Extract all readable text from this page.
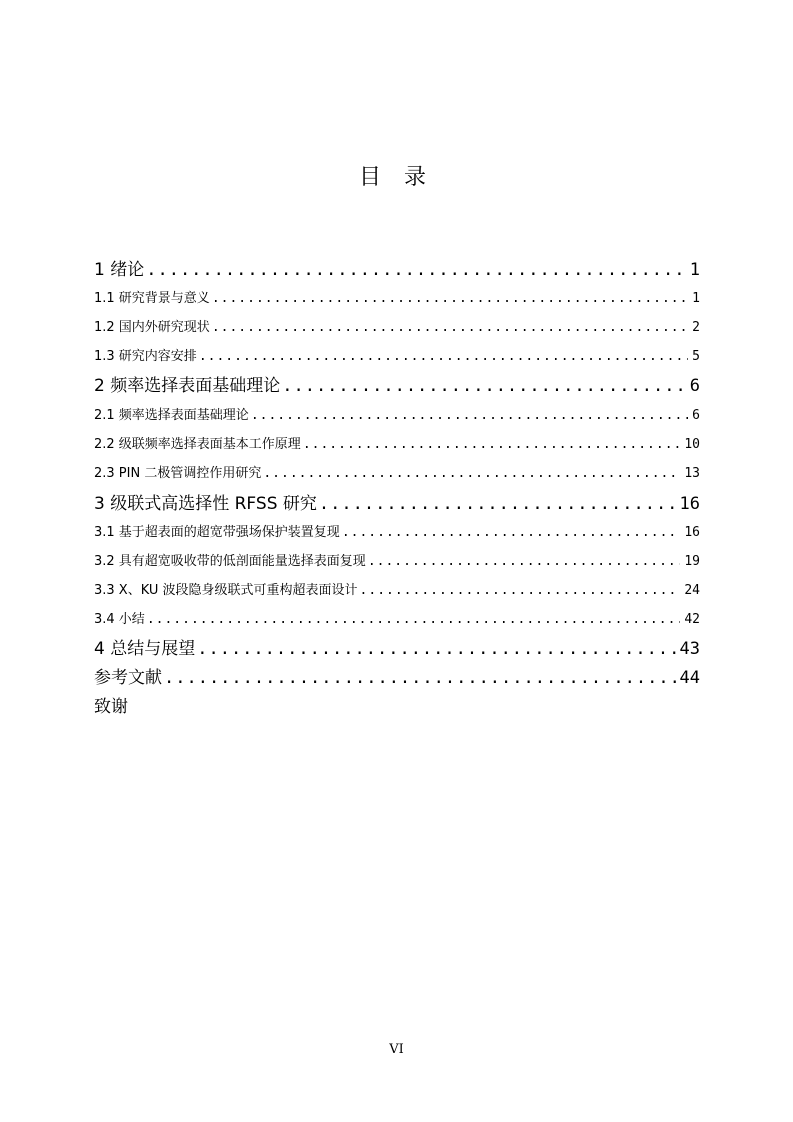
目 录
1 绪论 .....	1
1.1 研究背景与意义 .....	1
1.2 国内外研究现状 .....	2
1.3 研究内容安排 .....	5
2 频率选择表面基础理论 .....	6
2.1 频率选择表面基础理论 .....	6
2.2 级联频率选择表面基本工作原理 .....	10
2.3 PIN 二极管调控作用研究 .....	13
3 级联式高选择性 RFSS 研究 .....	16
3.1 基于超表面的超宽带强场保护装置复现 .....	16
3.2 具有超宽吸收带的低剖面能量选择表面复现 .....	19
3.3 X、KU 波段隐身级联式可重构超表面设计 .....	24
3.4 小结 .....	42
4 总结与展望 .....	43
参考文献 .....	44
致谢
VI
